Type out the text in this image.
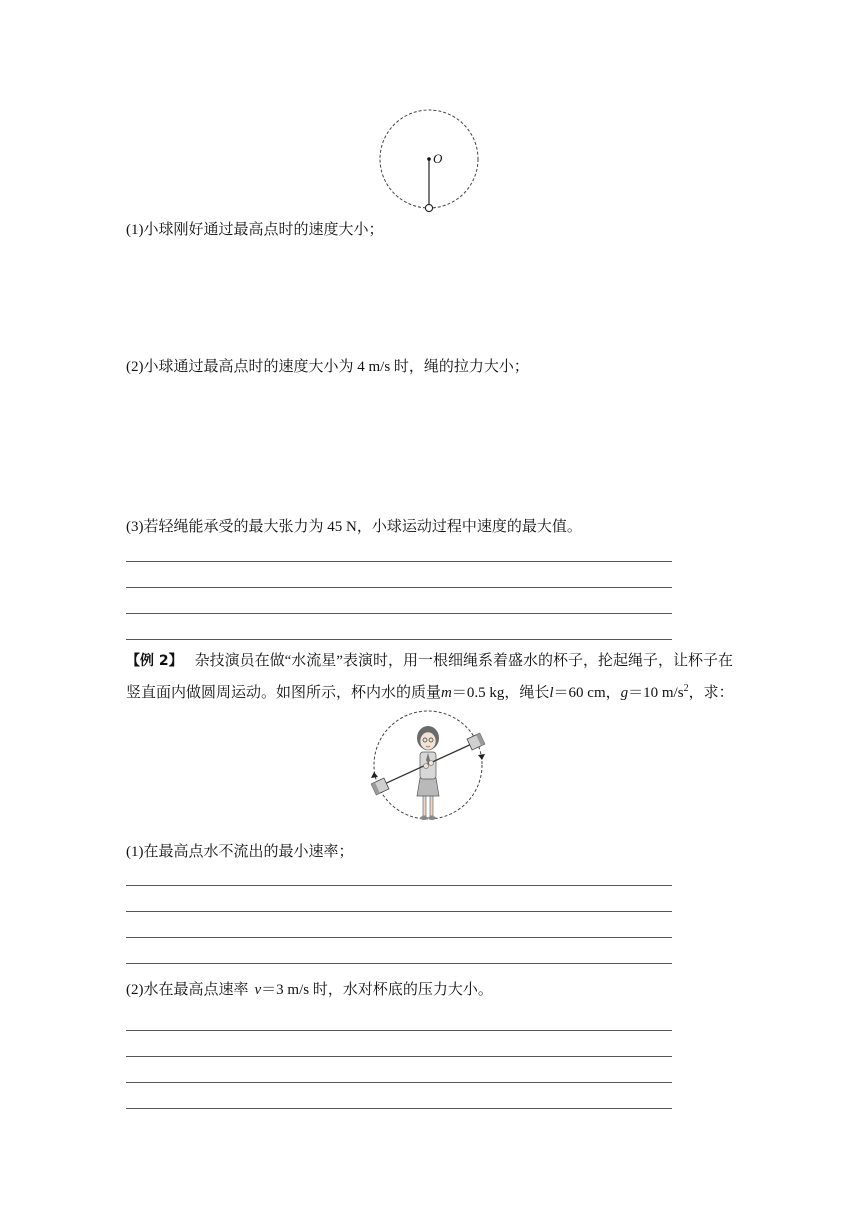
O
(1)小球刚好通过最高点时的速度大小；
(2)小球通过最高点时的速度大小为 4 m/s 时，绳的拉力大小；
(3)若轻绳能承受的最大张力为 45 N，小球运动过程中速度的最大值。
【例 2】 杂技演员在做“水流星”表演时，用一根细绳系着盛水的杯子，抡起绳子，让杯子在
竖直面内做圆周运动。如图所示，杯内水的质量m＝0.5 kg，绳长l＝60 cm，g＝10 $m/s^2$，求：
(1)在最高点水不流出的最小速率；
(2)水在最高点速率 v＝3 m/s 时，水对杯底的压力大小。
